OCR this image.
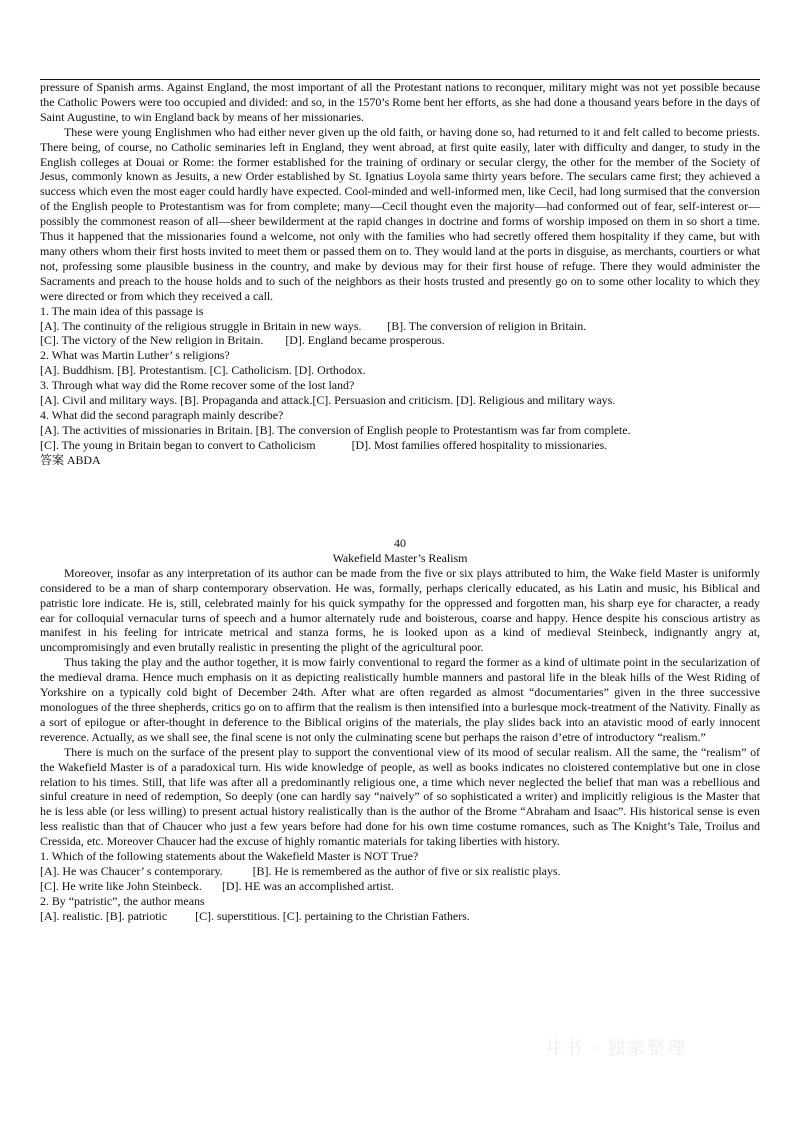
pressure of Spanish arms. Against England, the most important of all the Protestant nations to reconquer, military might was not yet possible because the Catholic Powers were too occupied and divided: and so, in the 1570’s Rome bent her efforts, as she had done a thousand years before in the days of Saint Augustine, to win England back by means of her missionaries.

These were young Englishmen who had either never given up the old faith, or having done so, had returned to it and felt called to become priests. There being, of course, no Catholic seminaries left in England, they went abroad, at first quite easily, later with difficulty and danger, to study in the English colleges at Douai or Rome: the former established for the training of ordinary or secular clergy, the other for the member of the Society of Jesus, commonly known as Jesuits, a new Order established by St. Ignatius Loyola same thirty years before. The seculars came first; they achieved a success which even the most eager could hardly have expected. Cool-minded and well-informed men, like Cecil, had long surmised that the conversion of the English people to Protestantism was for from complete; many—Cecil thought even the majority—had conformed out of fear, self-interest or—possibly the commonest reason of all—sheer bewilderment at the rapid changes in doctrine and forms of worship imposed on them in so short a time. Thus it happened that the missionaries found a welcome, not only with the families who had secretly offered them hospitality if they came, but with many others whom their first hosts invited to meet them or passed them on to. They would land at the ports in disguise, as merchants, courtiers or what not, professing some plausible business in the country, and make by devious may for their first house of refuge. There they would administer the Sacraments and preach to the house holds and to such of the neighbors as their hosts trusted and presently go on to some other locality to which they were directed or from which they received a call.

1. The main idea of this passage is

[A]. The continuity of the religious struggle in Britain in new ways. [B]. The conversion of religion in Britain.

[C]. The victory of the New religion in Britain. [D]. England became prosperous.

2. What was Martin Luther’ s religions?

[A]. Buddhism. [B]. Protestantism. [C]. Catholicism. [D]. Orthodox.

3. Through what way did the Rome recover some of the lost land?

[A]. Civil and military ways. [B]. Propaganda and attack.[C]. Persuasion and criticism. [D]. Religious and military ways.

4. What did the second paragraph mainly describe?

[A]. The activities of missionaries in Britain. [B]. The conversion of English people to Protestantism was far from complete.

[C]. The young in Britain began to convert to Catholicism	[D]. Most families offered hospitality to missionaries.

答案 ABDA

40

Wakefield Master’s Realism

Moreover, insofar as any interpretation of its author can be made from the five or six plays attributed to him, the Wake field Master is uniformly considered to be a man of sharp contemporary observation. He was, formally, perhaps clerically educated, as his Latin and music, his Biblical and patristic lore indicate. He is, still, celebrated mainly for his quick sympathy for the oppressed and forgotten man, his sharp eye for character, a ready ear for colloquial vernacular turns of speech and a humor alternately rude and boisterous, coarse and happy. Hence despite his conscious artistry as manifest in his feeling for intricate metrical and stanza forms, he is looked upon as a kind of medieval Steinbeck, indignantly angry at, uncompromisingly and even brutally realistic in presenting the plight of the agricultural poor.

Thus taking the play and the author together, it is mow fairly conventional to regard the former as a kind of ultimate point in the secularization of the medieval drama. Hence much emphasis on it as depicting realistically humble manners and pastoral life in the bleak hills of the West Riding of Yorkshire on a typically cold bight of December 24th. After what are often regarded as almost “documentaries” given in the three successive monologues of the three shepherds, critics go on to affirm that the realism is then intensified into a burlesque mock-treatment of the Nativity. Finally as a sort of epilogue or after-thought in deference to the Biblical origins of the materials, the play slides back into an atavistic mood of early innocent reverence. Actually, as we shall see, the final scene is not only the culminating scene but perhaps the raison d’etre of introductory “realism.”

There is much on the surface of the present play to support the conventional view of its mood of secular realism. All the same, the “realism” of the Wakefield Master is of a paradoxical turn. His wide knowledge of people, as well as books indicates no cloistered contemplative but one in close relation to his times. Still, that life was after all a predominantly religious one, a time which never neglected the belief that man was a rebellious and sinful creature in need of redemption, So deeply (one can hardly say “naively” of so sophisticated a writer) and implicitly religious is the Master that he is less able (or less willing) to present actual history realistically than is the author of the Brome “Abraham and Isaac”. His historical sense is even less realistic than that of Chaucer who just a few years before had done for his own time costume romances, such as The Knight’s Tale, Troilus and Cressida, etc. Moreover Chaucer had the excuse of highly romantic materials for taking liberties with history.

1. Which of the following statements about the Wakefield Master is NOT True?

[A]. He was Chaucer’ s contemporary.	[B]. He is remembered as the author of five or six realistic plays.

[C]. He write like John Steinbeck. [D]. HE was an accomplished artist.

2. By “patristic”, the author means

[A]. realistic. [B]. patriotic [C]. superstitious. [C]. pertaining to the Christian Fathers.

井书 · 独家整理
